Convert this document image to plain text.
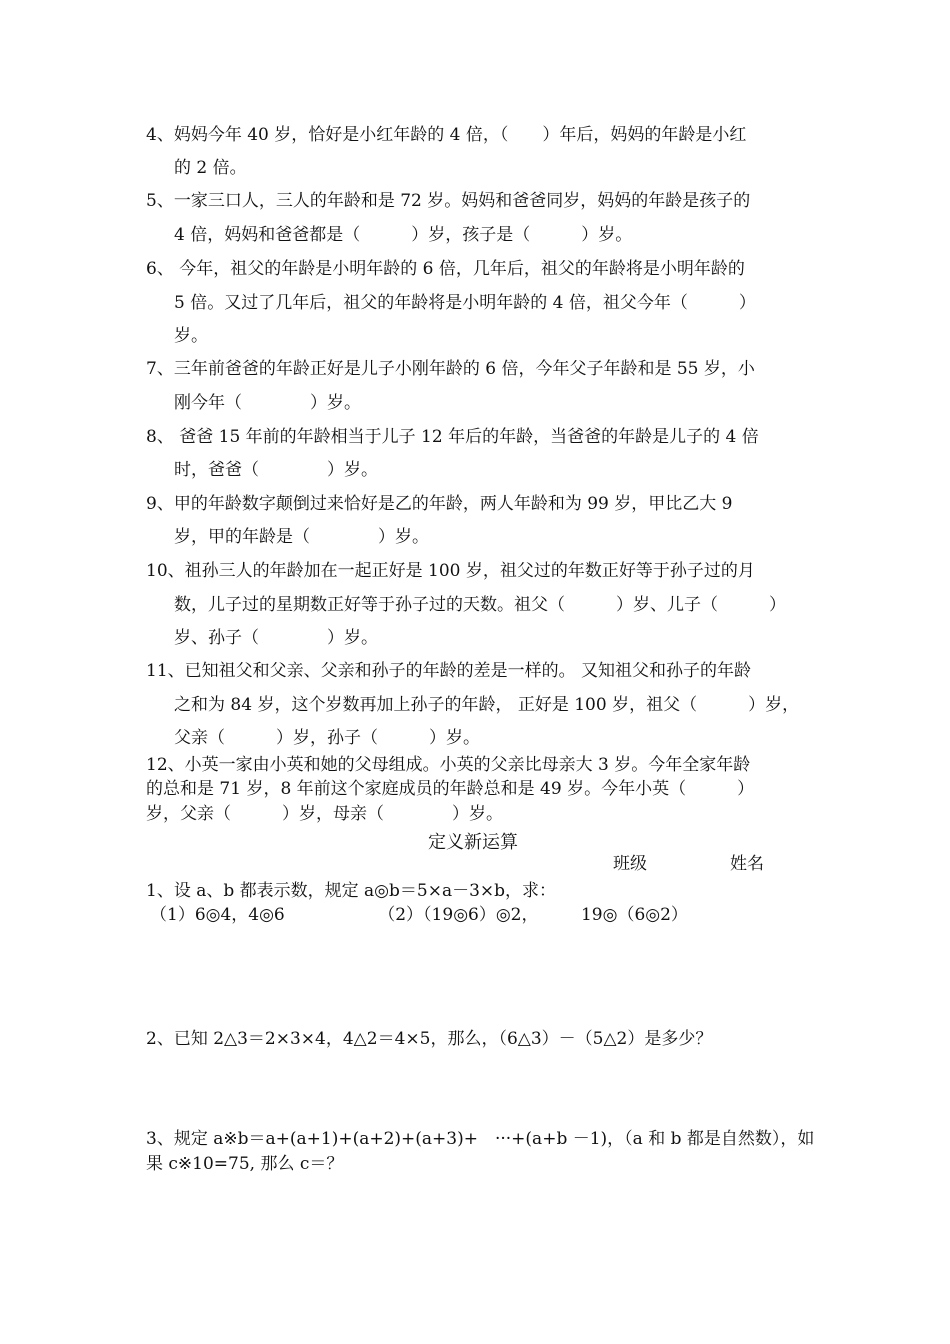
4、妈妈今年 40 岁，恰好是小红年龄的 4 倍，（　　）年后，妈妈的年龄是小红
的 2 倍。
5、一家三口人，三人的年龄和是 72 岁。妈妈和爸爸同岁，妈妈的年龄是孩子的
4 倍，妈妈和爸爸都是（　　　）岁，孩子是（　　　）岁。
6、 今年，祖父的年龄是小明年龄的 6 倍，几年后，祖父的年龄将是小明年龄的
5 倍。又过了几年后，祖父的年龄将是小明年龄的 4 倍，祖父今年（　　　）
岁。
7、三年前爸爸的年龄正好是儿子小刚年龄的 6 倍，今年父子年龄和是 55 岁，小
刚今年（　　　　）岁。
8、 爸爸 15 年前的年龄相当于儿子 12 年后的年龄，当爸爸的年龄是儿子的 4 倍
时，爸爸（　　　　）岁。
9、甲的年龄数字颠倒过来恰好是乙的年龄，两人年龄和为 99 岁，甲比乙大 9
岁，甲的年龄是（　　　　）岁。
10、祖孙三人的年龄加在一起正好是 100 岁，祖父过的年数正好等于孙子过的月
数，儿子过的星期数正好等于孙子过的天数。祖父（　　　）岁、儿子（　　　）
岁、孙子（　　　　）岁。
11、已知祖父和父亲、父亲和孙子的年龄的差是一样的。 又知祖父和孙子的年龄
之和为 84 岁，这个岁数再加上孙子的年龄， 正好是 100 岁，祖父（　　　）岁，
父亲（　　　）岁，孙子（　　　）岁。
12、小英一家由小英和她的父母组成。小英的父亲比母亲大 3 岁。今年全家年龄
的总和是 71 岁，8 年前这个家庭成员的年龄总和是 49 岁。今年小英（　　　）
岁，父亲（　　　）岁，母亲（　　　　）岁。
定义新运算
班级	姓名
1、设 a、b 都表示数，规定 a◎b＝5×a－3×b，求：
（1）6◎4，4◎6　　　　　　（2）（19◎6）◎2，　　　19◎（6◎2）
2、已知 2△3＝2×3×4，4△2＝4×5，那么，（6△3）－（5△2）是多少？
3、规定 a※b＝a+(a+1)+(a+2)+(a+3)+　···+(a+b －1)，（a 和 b 都是自然数），如
果 c※10=75, 那么 c＝？
